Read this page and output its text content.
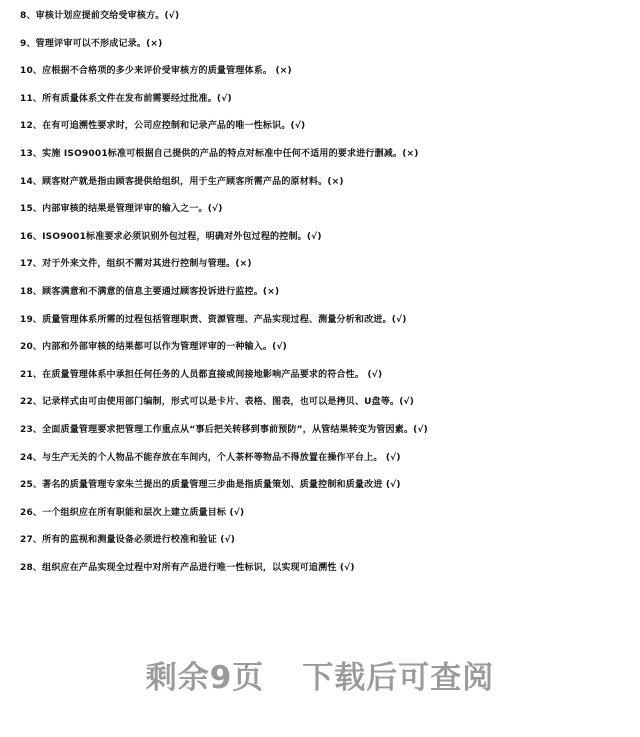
8、审核计划应提前交给受审核方。(√)
9、管理评审可以不形成记录。(×)
10、应根据不合格项的多少来评价受审核方的质量管理体系。 (×)
11、所有质量体系文件在发布前需要经过批准。(√)
12、在有可追溯性要求时，公司应控制和记录产品的唯一性标识。(√)
13、实施 ISO9001标准可根据自己提供的产品的特点对标准中任何不适用的要求进行删减。(×)
14、顾客财产就是指由顾客提供给组织，用于生产顾客所需产品的原材料。(×)
15、内部审核的结果是管理评审的输入之一。(√)
16、ISO9001标准要求必须识别外包过程，明确对外包过程的控制。(√)
17、对于外来文件，组织不需对其进行控制与管理。(×)
18、顾客满意和不满意的信息主要通过顾客投诉进行监控。(×)
19、质量管理体系所需的过程包括管理职责、资源管理、产品实现过程、测量分析和改进。(√)
20、内部和外部审核的结果都可以作为管理评审的一种输入。(√)
21、在质量管理体系中承担任何任务的人员都直接或间接地影响产品要求的符合性。 (√)
22、记录样式由可由使用部门编制，形式可以是卡片、表格、图表，也可以是拷贝、U盘等。(√)
23、全面质量管理要求把管理工作重点从“事后把关转移到事前预防”，从管结果转变为管因素。(√)
24、与生产无关的个人物品不能存放在车间内，个人茶杯等物品不得放置在操作平台上。 (√)
25、著名的质量管理专家朱兰提出的质量管理三步曲是指质量策划、质量控制和质量改进 (√)
26、一个组织应在所有职能和层次上建立质量目标 (√)
27、所有的监视和测量设备必须进行校准和验证 (√)
28、组织应在产品实现全过程中对所有产品进行唯一性标识，以实现可追溯性 (√)
剩余9页 下载后可查阅
